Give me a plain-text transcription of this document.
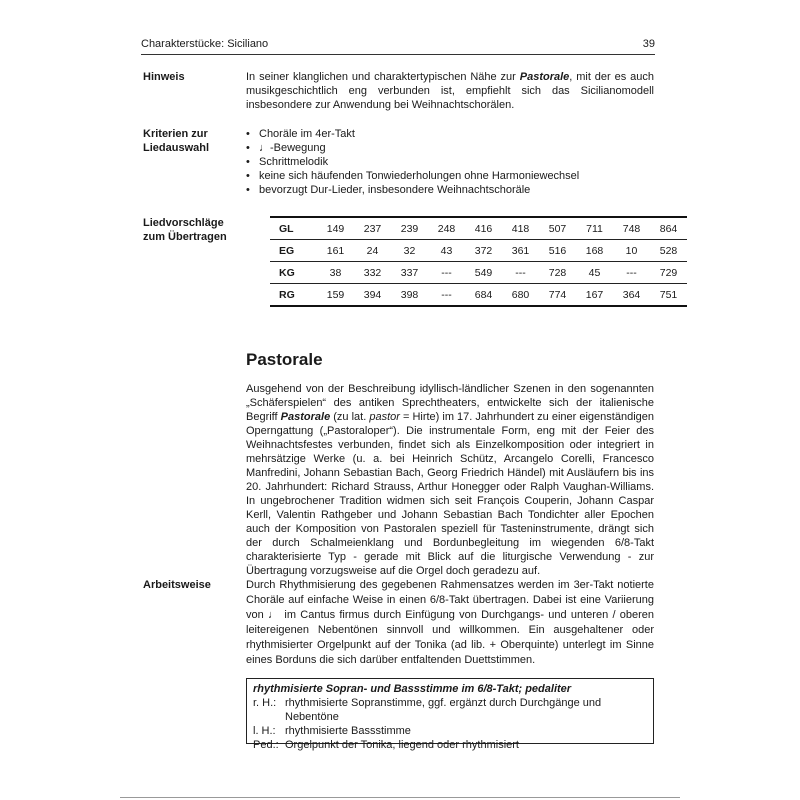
Charakterstücke: Siciliano	39
Hinweis	In seiner klanglichen und charaktertypischen Nähe zur Pastorale, mit der es auch musikgeschichtlich eng verbunden ist, empfiehlt sich das Sicilianomodell insbesondere zur Anwendung bei Weihnachtschorälen.
Kriterien zur
Liedauswahl
• Choräle im 4er-Takt
• ♩-Bewegung
• Schrittmelodik
• keine sich häufenden Tonwiederholungen ohne Harmoniewechsel
• bevorzugt Dur-Lieder, insbesondere Weihnachtschoräle
Liedvorschläge
zum Übertragen
GL	149	237	239	248	416	418	507	711	748	864
EG	161	24	32	43	372	361	516	168	10	528
KG	38	332	337	---	549	---	728	45	---	729
RG	159	394	398	---	684	680	774	167	364	751
Pastorale
Ausgehend von der Beschreibung idyllisch-ländlicher Szenen in den sogenannten „Schäferspielen“ des antiken Sprechtheaters, entwickelte sich der italienische Begriff Pastorale (zu lat. pastor = Hirte) im 17. Jahrhundert zu einer eigenständigen Operngattung („Pastoraloper“). Die instrumentale Form, eng mit der Feier des Weihnachtsfestes verbunden, findet sich als Einzelkomposition oder integriert in mehrsätzige Werke (u. a. bei Heinrich Schütz, Arcangelo Corelli, Francesco Manfredini, Johann Sebastian Bach, Georg Friedrich Händel) mit Ausläufern bis ins 20. Jahrhundert: Richard Strauss, Arthur Honegger oder Ralph Vaughan-Williams. In ungebrochener Tradition widmen sich seit François Couperin, Johann Caspar Kerll, Valentin Rathgeber und Johann Sebastian Bach Tondichter aller Epochen auch der Komposition von Pastoralen speziell für Tasteninstrumente, drängt sich der durch Schalmeienklang und Bordunbegleitung im wiegenden 6/8-Takt charakterisierte Typ - gerade mit Blick auf die liturgische Verwendung - zur Übertragung vorzugsweise auf die Orgel doch geradezu auf.
Arbeitsweise	Durch Rhythmisierung des gegebenen Rahmensatzes werden im 3er-Takt notierte Choräle auf einfache Weise in einen 6/8-Takt übertragen. Dabei ist eine Variierung von ♩ im Cantus firmus durch Einfügung von Durchgangs- und unteren / oberen leitereigenen Nebentönen sinnvoll und willkommen. Ein ausgehaltener oder rhythmisierter Orgelpunkt auf der Tonika (ad lib. + Oberquinte) unterlegt im Sinne eines Borduns die sich darüber entfaltenden Duettstimmen.
rhythmisierte Sopran- und Bassstimme im 6/8-Takt; pedaliter
r. H.: rhythmisierte Sopranstimme, ggf. ergänzt durch Durchgänge und Nebentöne
l. H.: rhythmisierte Bassstimme
Ped.: Orgelpunkt der Tonika, liegend oder rhythmisiert
